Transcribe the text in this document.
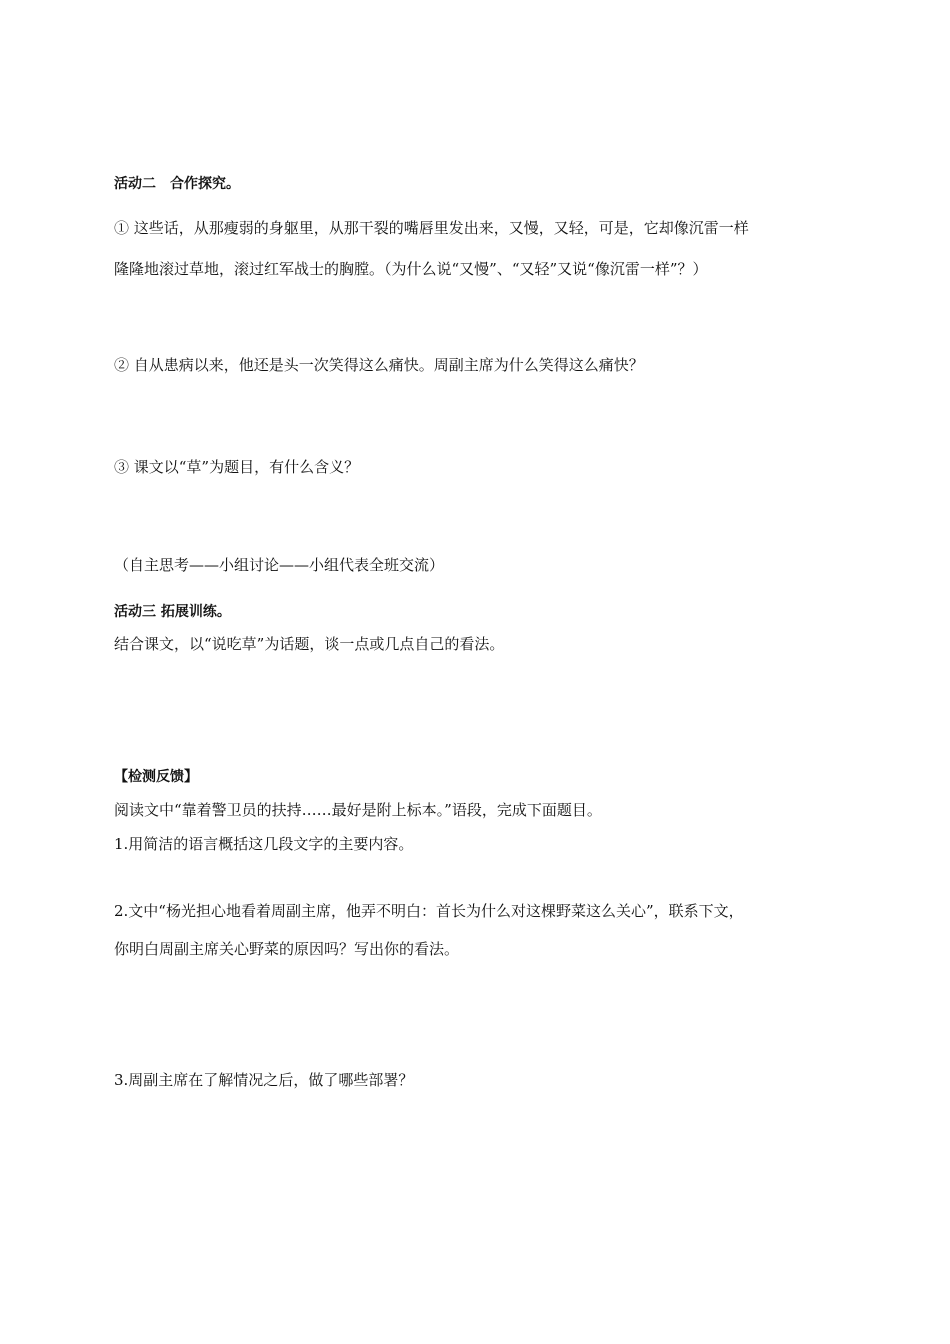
活动二　合作探究。
① 这些话，从那瘦弱的身躯里，从那干裂的嘴唇里发出来，又慢，又轻，可是，它却像沉雷一样
隆隆地滚过草地，滚过红军战士的胸膛。（为什么说“又慢”、“又轻”又说“像沉雷一样”？）
② 自从患病以来，他还是头一次笑得这么痛快。周副主席为什么笑得这么痛快？
③ 课文以“草”为题目，有什么含义？
（自主思考——小组讨论——小组代表全班交流）
活动三 拓展训练。
结合课文，以“说吃草”为话题，谈一点或几点自己的看法。
【检测反馈】
阅读文中“靠着警卫员的扶持……最好是附上标本。”语段，完成下面题目。
1.用简洁的语言概括这几段文字的主要内容。
2.文中“杨光担心地看着周副主席，他弄不明白：首长为什么对这棵野菜这么关心”，联系下文，
你明白周副主席关心野菜的原因吗？写出你的看法。
3.周副主席在了解情况之后，做了哪些部署？
